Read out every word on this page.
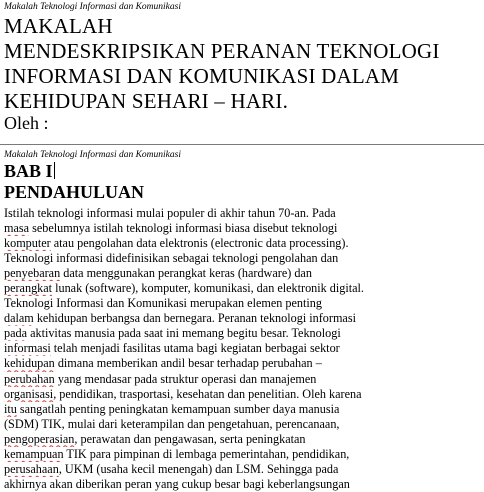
Makalah Teknologi Informasi dan Komunikasi
MAKALAH
MENDESKRIPSIKAN PERANAN TEKNOLOGI
INFORMASI DAN KOMUNIKASI DALAM
KEHIDUPAN SEHARI – HARI.
Oleh :
Makalah Teknologi Informasi dan Komunikasi
BAB I
PENDAHULUAN
Istilah teknologi informasi mulai populer di akhir tahun 70-an. Pada
masa sebelumnya istilah teknologi informasi biasa disebut teknologi
komputer atau pengolahan data elektronis (electronic data processing).
Teknologi informasi didefinisikan sebagai teknologi pengolahan dan
penyebaran data menggunakan perangkat keras (hardware) dan
perangkat lunak (software), komputer, komunikasi, dan elektronik digital.
Teknologi Informasi dan Komunikasi merupakan elemen penting
dalam kehidupan berbangsa dan bernegara. Peranan teknologi informasi
pada aktivitas manusia pada saat ini memang begitu besar. Teknologi
informasi telah menjadi fasilitas utama bagi kegiatan berbagai sektor
kehidupan dimana memberikan andil besar terhadap perubahan –
perubahan yang mendasar pada struktur operasi dan manajemen
organisasi, pendidikan, trasportasi, kesehatan dan penelitian. Oleh karena
itu sangatlah penting peningkatan kemampuan sumber daya manusia
(SDM) TIK, mulai dari keterampilan dan pengetahuan, perencanaan,
pengoperasian, perawatan dan pengawasan, serta peningkatan
kemampuan TIK para pimpinan di lembaga pemerintahan, pendidikan,
perusahaan, UKM (usaha kecil menengah) dan LSM. Sehingga pada
akhirnya akan diberikan peran yang cukup besar bagi keberlangsungan
